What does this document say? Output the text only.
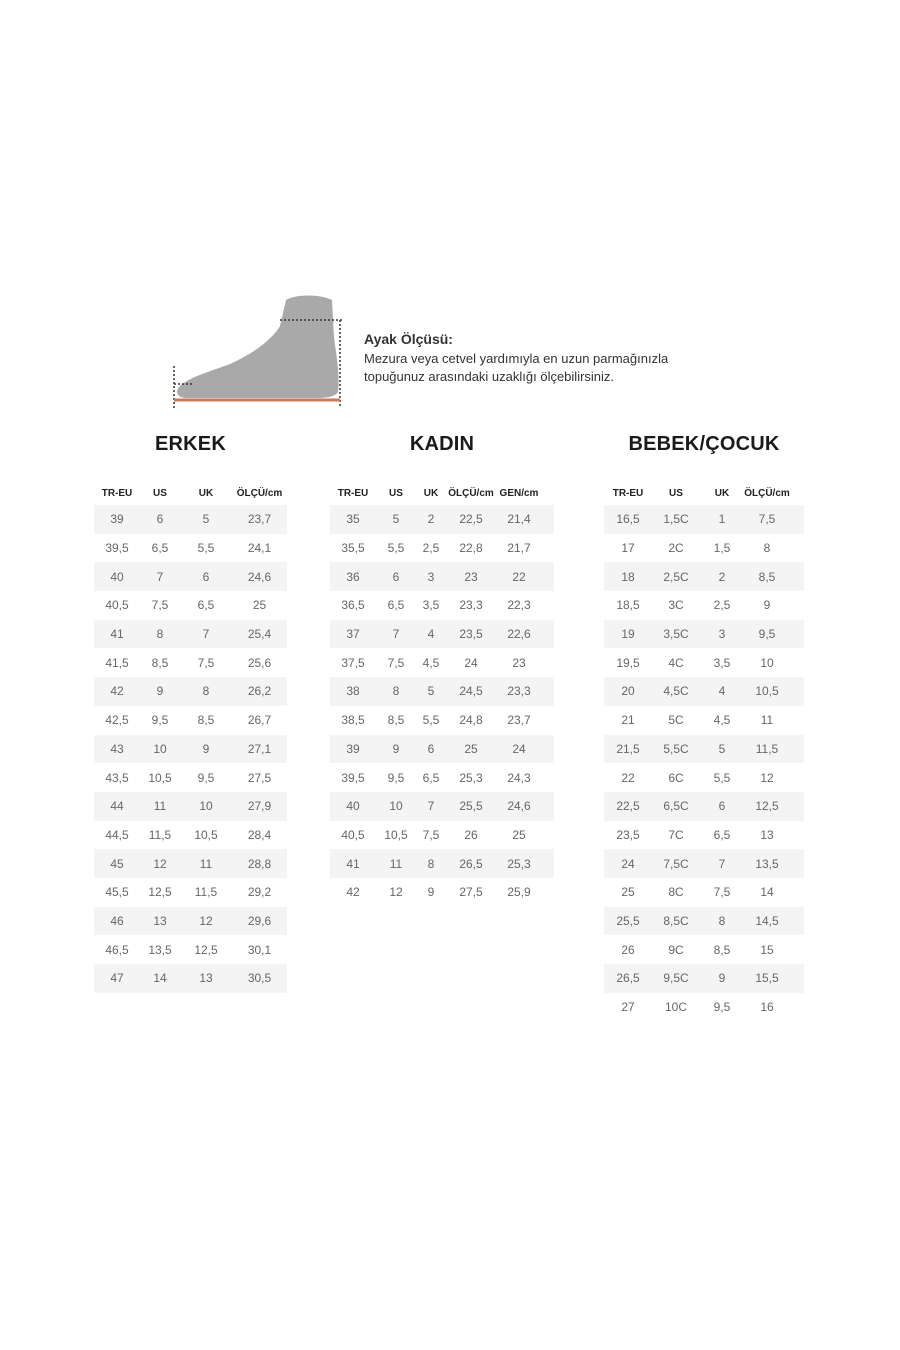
Ayak Ölçüsü:

Mezura veya cetvel yardımıyla en uzun parmağınızla

topuğunuz arasındaki uzaklığı ölçebilirsiniz.

ERKEK
TR-EU	US	UK	ÖLÇÜ/cm
39	6	5	23,7
39,5	6,5	5,5	24,1
40	7	6	24,6
40,5	7,5	6,5	25
41	8	7	25,4
41,5	8,5	7,5	25,6
42	9	8	26,2
42,5	9,5	8,5	26,7
43	10	9	27,1
43,5	10,5	9,5	27,5
44	11	10	27,9
44,5	11,5	10,5	28,4
45	12	11	28,8
45,5	12,5	11,5	29,2
46	13	12	29,6
46,5	13,5	12,5	30,1
47	14	13	30,5
KADIN
TR-EU	US	UK	ÖLÇÜ/cm GEN/cm
35	5	2	22,5	21,4
35,5	5,5	2,5	22,8	21,7
36	6	3	23	22
36,5	6,5	3,5	23,3	22,3
37	7	4	23,5	22,6
37,5	7,5	4,5	24	23
38	8	5	24,5	23,3
38,5	8,5	5,5	24,8	23,7
39	9	6	25	24
39,5	9,5	6,5	25,3	24,3
40	10	7	25,5	24,6
40,5	10,5	7,5	26	25
41	11	8	26,5	25,3
42	12	9	27,5	25,9
BEBEK/ÇOCUK
TR-EU	US	UK	ÖLÇÜ/cm
16,5	1,5C	1	7,5
17	2C	1,5	8
18	2,5C	2	8,5
18,5	3C	2,5	9
19	3,5C	3	9,5
19,5	4C	3,5	10
20	4,5C	4	10,5
21	5C	4,5	11
21,5	5,5C	5	11,5
22	6C	5,5	12
22,5	6,5C	6	12,5
23,5	7C	6,5	13
24	7,5C	7	13,5
25	8C	7,5	14
25,5	8,5C	8	14,5
26	9C	8,5	15
26,5	9,5C	9	15,5
27	10C	9,5	16
